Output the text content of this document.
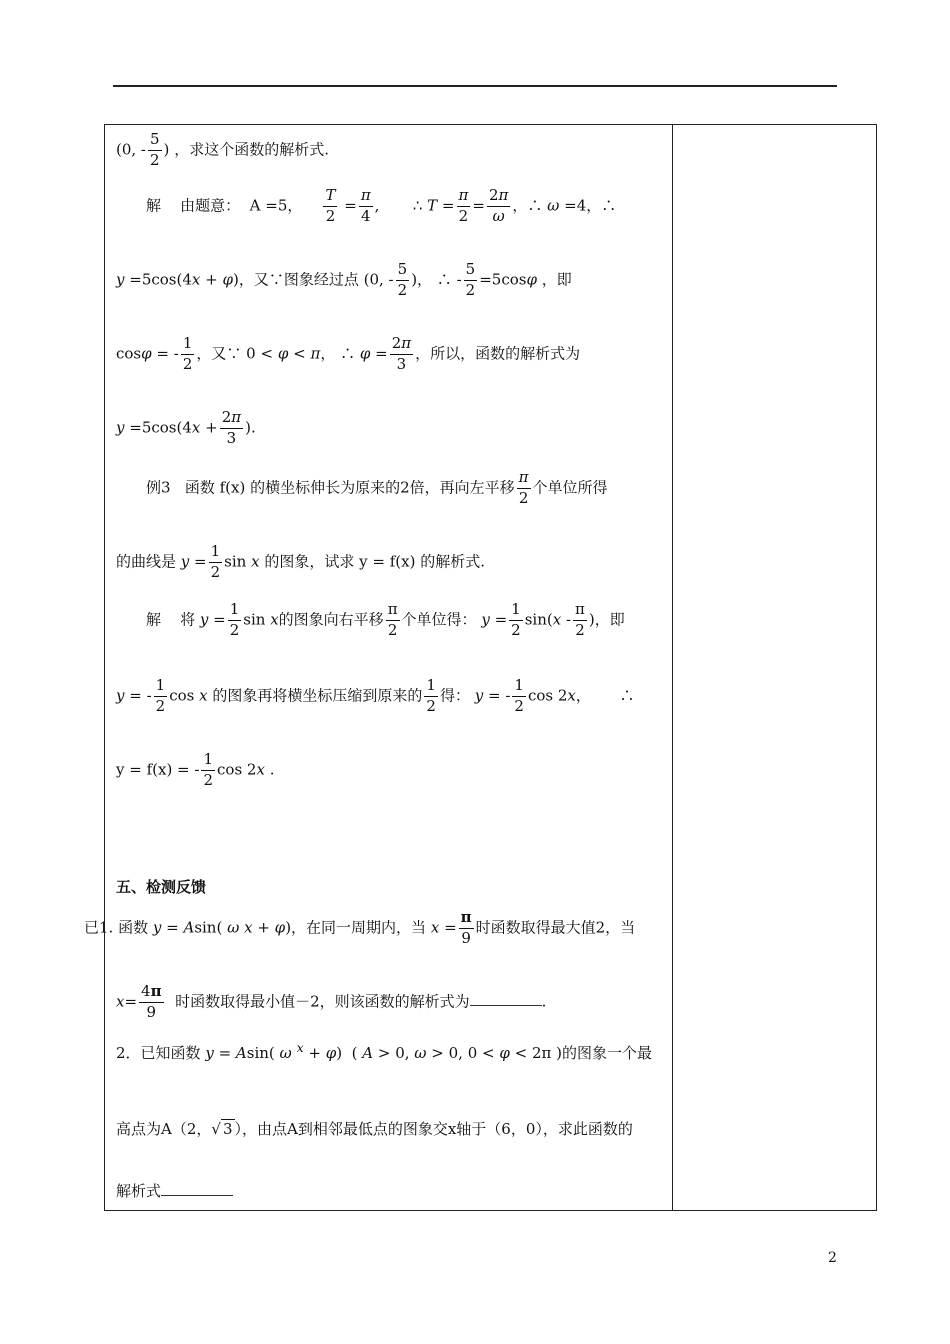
(0, - $\frac{5}{2}$ ) ，求这个函数的解析式.
解 由题意： A =5， $\frac{T}{2} = \frac{\pi}{4}$ ,       ∴ $T = \frac{\pi}{2} = \frac{2\pi}{\omega}$ ，∴ ω =4，∴
y =5cos(4x + φ)，又∵图象经过点 (0, - $\frac{5}{2}$ )， ∴ - $\frac{5}{2} =5\cos\varphi$ ，即
cosφ = - $\frac{1}{2}$ ，又∵ 0 < φ < π， ∴ $\varphi = \frac{2\pi}{3}$ ，所以，函数的解析式为
$y =5\cos(4x + \frac{2\pi}{3}$ ).
例3 函数 f(x) 的横坐标伸长为原来的2倍，再向左平移 $\frac{\pi}{2}$ 个单位所得
的曲线是 $y = \frac{1}{2}$ sin x 的图象，试求 y = f(x) 的解析式.
解 将 $y = \frac{1}{2}$ sin x的图象向右平移 $\frac{\pi}{2}$ 个单位得： $y = \frac{1}{2} \sin(x - \frac{\pi}{2}$ )，即
y = - $\frac{1}{2}$ cos x 的图象再将横坐标压缩到原来的 $\frac{1}{2}$ 得： y = - $\frac{1}{2}$ cos 2x，      ∴
y = f(x) = - $\frac{1}{2}$ cos 2x .
五、检测反馈
已1. 函数 y = Asin( ω x + φ)，在同一周期内，当 $x = \frac{\pi}{9}$ 时函数取得最大值2，当
$x= \frac{4\pi}{9}$ 时函数取得最小值－2，则该函数的解析式为	.
2．已知函数 y = Asin( ω $^x$ + φ)  ( A > 0, ω > 0, 0 < φ < 2π )的图象一个最
高点为A（2，√ 3 ），由点A到相邻最低点的图象交x轴于（6，0），求此函数的
解析式
2
